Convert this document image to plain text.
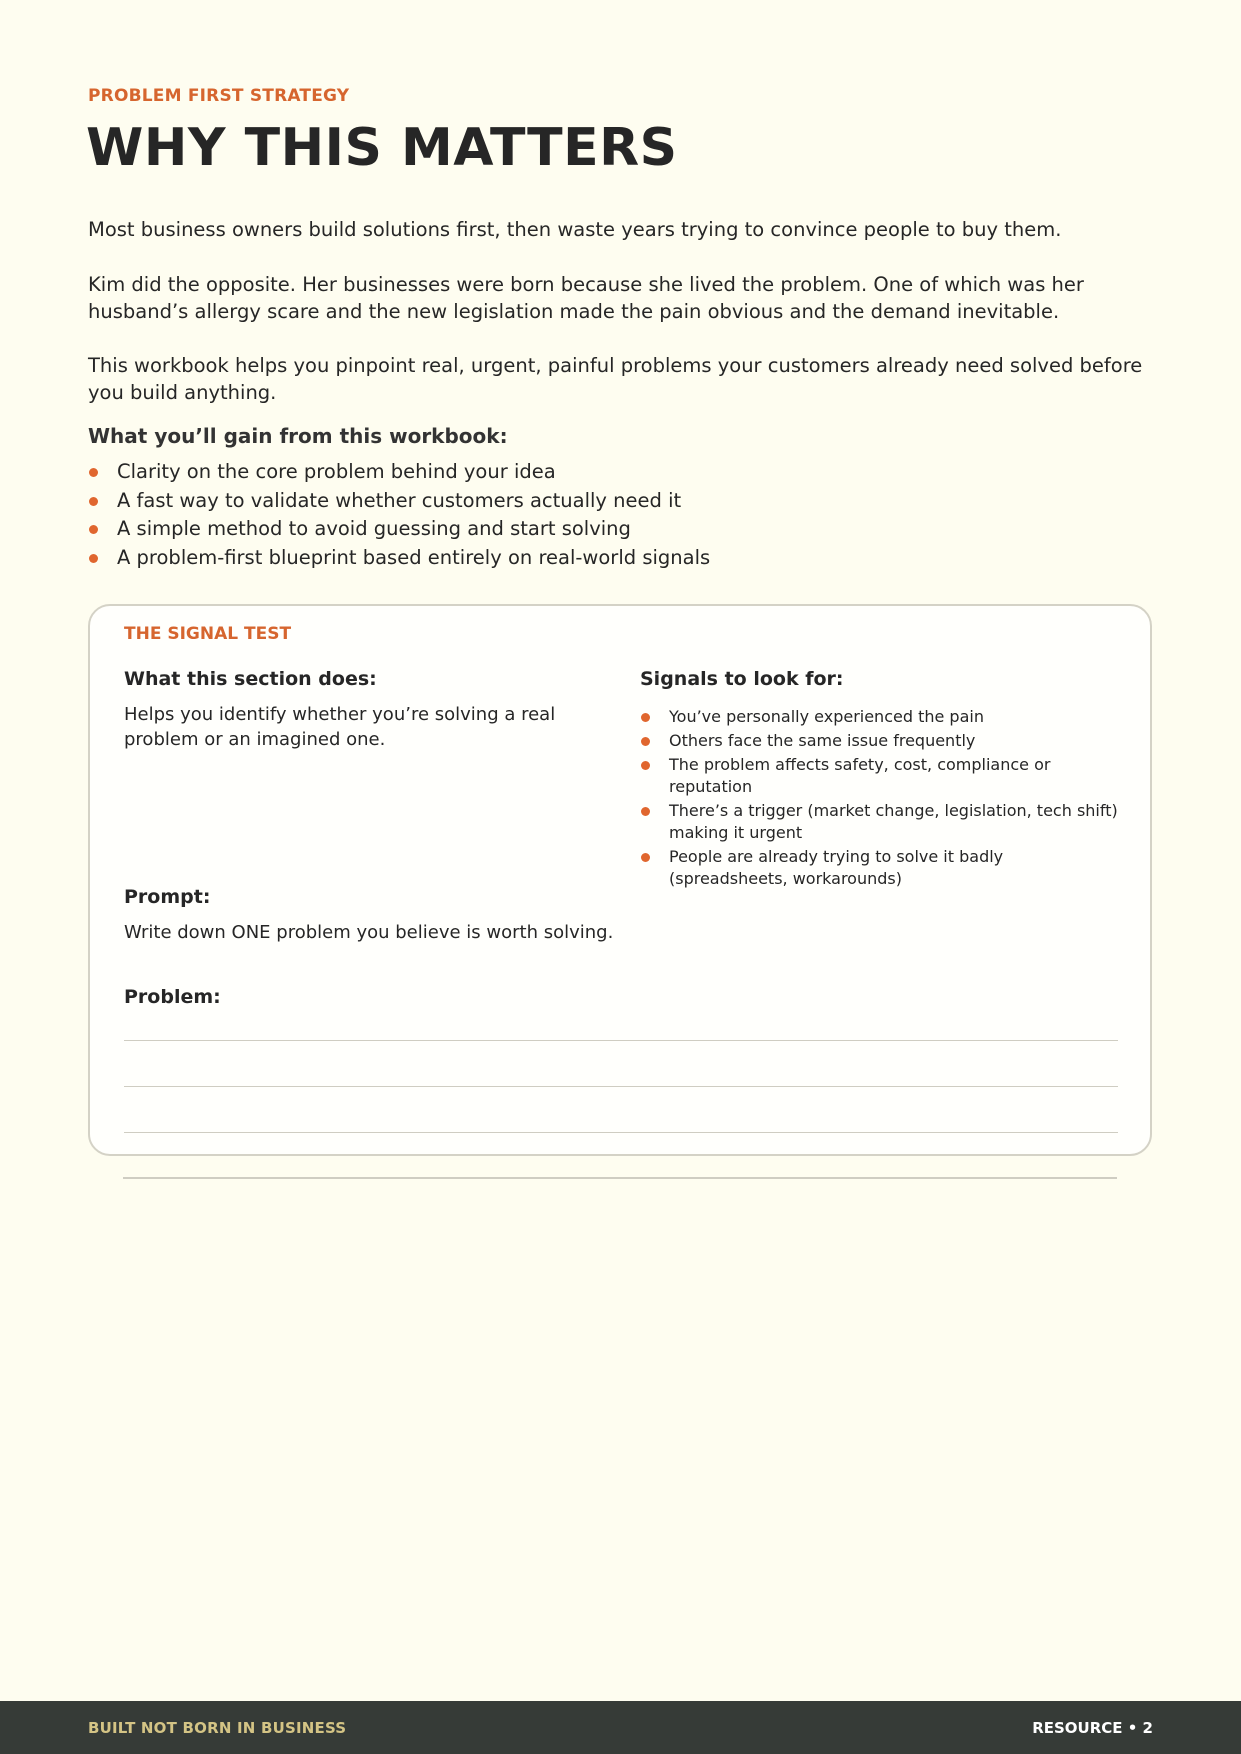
PROBLEM FIRST STRATEGY
WHY THIS MATTERS

Most business owners build solutions first, then waste years trying to convince people to buy them.

Kim did the opposite. Her businesses were born because she lived the problem. One of which was her husband’s allergy scare and the new legislation made the pain obvious and the demand inevitable.

This workbook helps you pinpoint real, urgent, painful problems your customers already need solved before you build anything.

What you’ll gain from this workbook:
Clarity on the core problem behind your idea
A fast way to validate whether customers actually need it
A simple method to avoid guessing and start solving
A problem-first blueprint based entirely on real-world signals
THE SIGNAL TEST
What this section does:

Helps you identify whether you’re solving a real problem or an imagined one.

Signals to look for:
You’ve personally experienced the pain
Others face the same issue frequently
The problem affects safety, cost, compliance or reputation
There’s a trigger (market change, legislation, tech shift) making it urgent
People are already trying to solve it badly (spreadsheets, workarounds)
Prompt:

Write down ONE problem you believe is worth solving.

Problem:
BUILT NOT BORN IN BUSINESS	RESOURCE • 2
